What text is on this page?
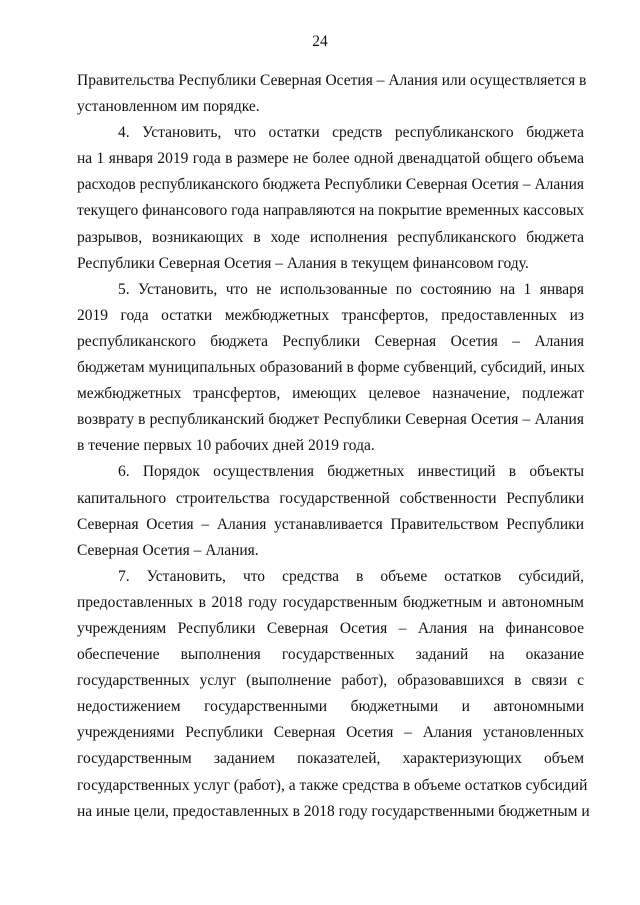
24
Правительства Республики Северная Осетия – Алания или осуществляется в
установленном им порядке.
4. Установить, что остатки средств республиканского бюджета
на 1 января 2019 года в размере не более одной двенадцатой общего объема
расходов республиканского бюджета Республики Северная Осетия – Алания
текущего финансового года направляются на покрытие временных кассовых
разрывов, возникающих в ходе исполнения республиканского бюджета
Республики Северная Осетия – Алания в текущем финансовом году.
5. Установить, что не использованные по состоянию на 1 января
2019 года остатки межбюджетных трансфертов, предоставленных из
республиканского бюджета Республики Северная Осетия – Алания
бюджетам муниципальных образований в форме субвенций, субсидий, иных
межбюджетных трансфертов, имеющих целевое назначение, подлежат
возврату в республиканский бюджет Республики Северная Осетия – Алания
в течение первых 10 рабочих дней 2019 года.
6. Порядок осуществления бюджетных инвестиций в объекты
капитального строительства государственной собственности Республики
Северная Осетия – Алания устанавливается Правительством Республики
Северная Осетия – Алания.
7. Установить, что средства в объеме остатков субсидий,
предоставленных в 2018 году государственным бюджетным и автономным
учреждениям Республики Северная Осетия – Алания на финансовое
обеспечение выполнения государственных заданий на оказание
государственных услуг (выполнение работ), образовавшихся в связи с
недостижением государственными бюджетными и автономными
учреждениями Республики Северная Осетия – Алания установленных
государственным заданием показателей, характеризующих объем
государственных услуг (работ), а также средства в объеме остатков субсидий
на иные цели, предоставленных в 2018 году государственными бюджетным и
